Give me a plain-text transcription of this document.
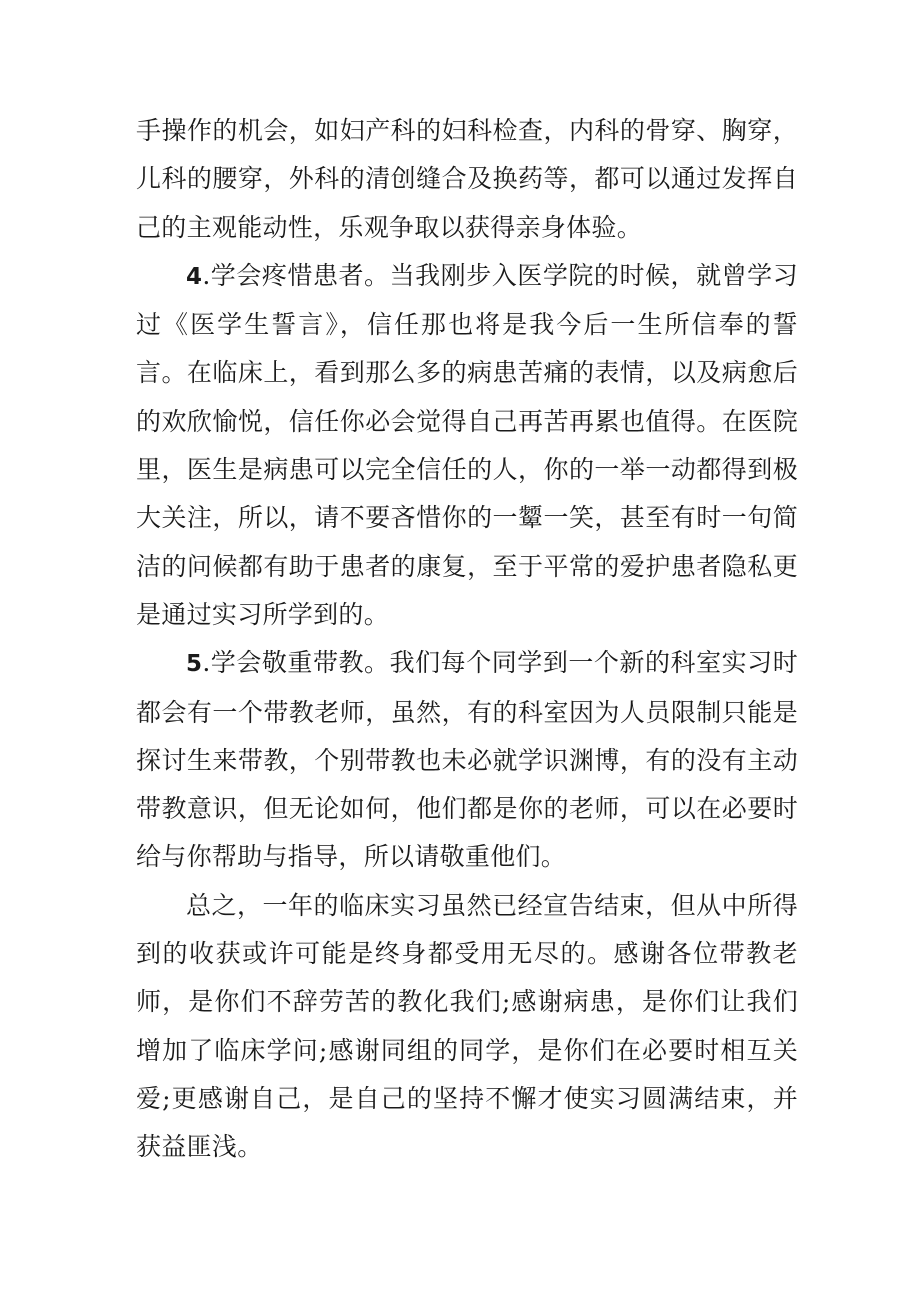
手操作的机会，如妇产科的妇科检查，内科的骨穿、胸穿，儿科的腰穿，外科的清创缝合及换药等，都可以通过发挥自己的主观能动性，乐观争取以获得亲身体验。

4.学会疼惜患者。当我刚步入医学院的时候，就曾学习过《医学生誓言》，信任那也将是我今后一生所信奉的誓言。在临床上，看到那么多的病患苦痛的表情，以及病愈后的欢欣愉悦，信任你必会觉得自己再苦再累也值得。在医院里，医生是病患可以完全信任的人，你的一举一动都得到极大关注，所以，请不要吝惜你的一颦一笑，甚至有时一句简洁的问候都有助于患者的康复，至于平常的爱护患者隐私更是通过实习所学到的。

5.学会敬重带教。我们每个同学到一个新的科室实习时都会有一个带教老师，虽然，有的科室因为人员限制只能是探讨生来带教，个别带教也未必就学识渊博，有的没有主动带教意识，但无论如何，他们都是你的老师，可以在必要时给与你帮助与指导，所以请敬重他们。

总之，一年的临床实习虽然已经宣告结束，但从中所得到的收获或许可能是终身都受用无尽的。感谢各位带教老师，是你们不辞劳苦的教化我们;感谢病患，是你们让我们增加了临床学问;感谢同组的同学，是你们在必要时相互关爱;更感谢自己，是自己的坚持不懈才使实习圆满结束，并获益匪浅。
